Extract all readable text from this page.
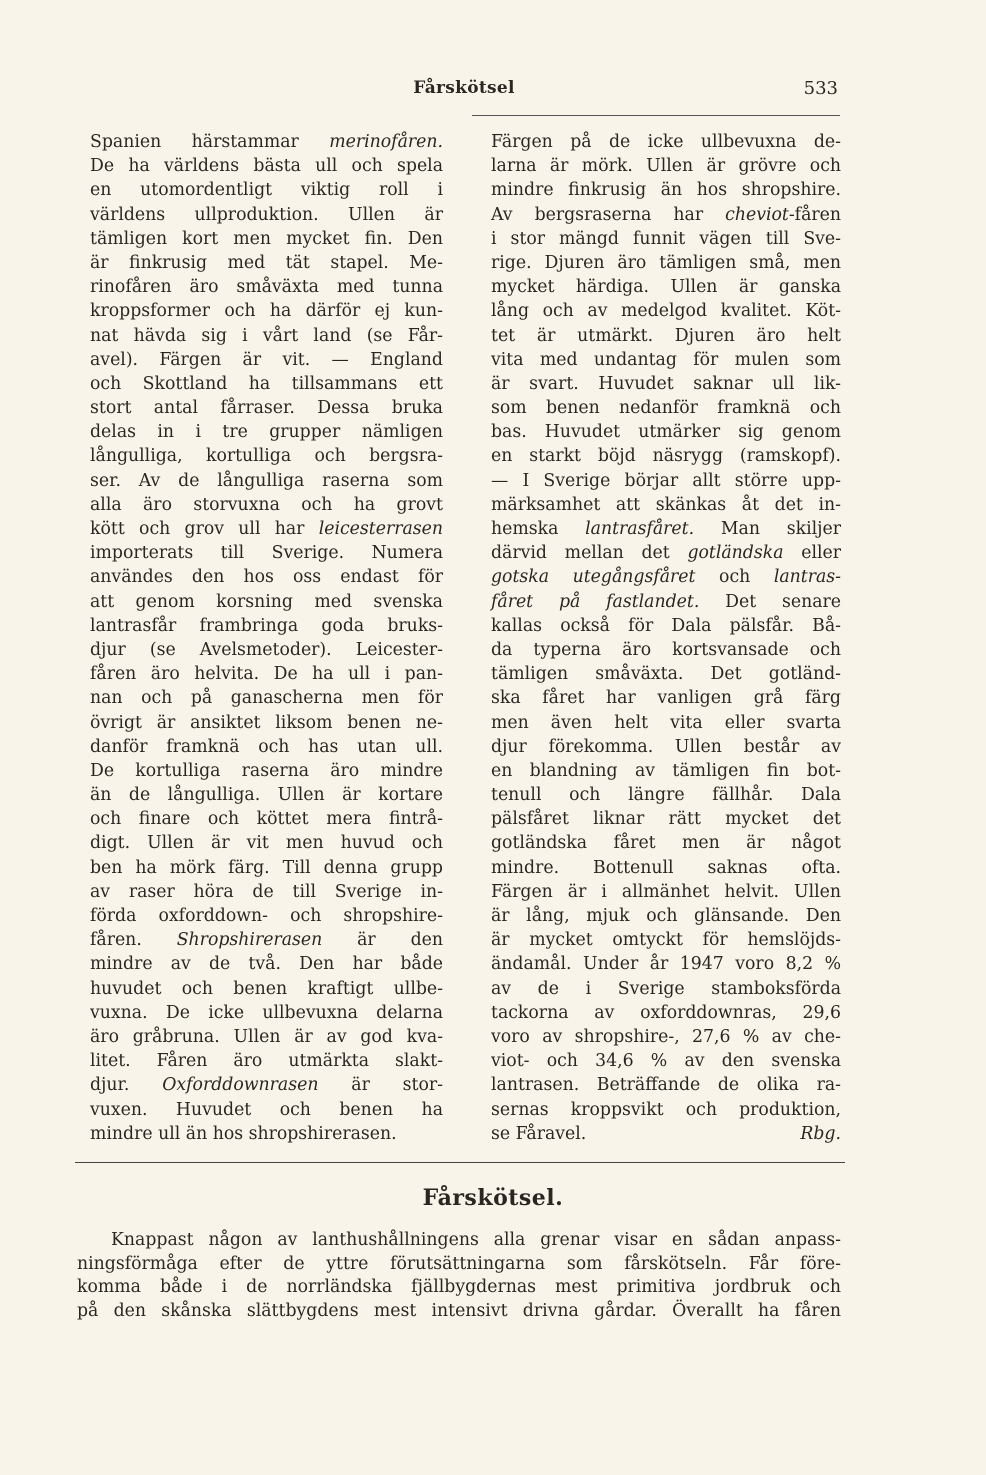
Fårskötsel	533
Spanien härstammar merinofåren.
De ha världens bästa ull och spela
en utomordentligt viktig roll i
världens ullproduktion. Ullen är
tämligen kort men mycket fin. Den
är finkrusig med tät stapel. Me-
rinofåren äro småväxta med tunna
kroppsformer och ha därför ej kun-
nat hävda sig i vårt land (se Får-
avel). Färgen är vit. — England
och Skottland ha tillsammans ett
stort antal fårraser. Dessa bruka
delas in i tre grupper nämligen
långulliga, kortulliga och bergsra-
ser. Av de långulliga raserna som
alla äro storvuxna och ha grovt
kött och grov ull har leicesterrasen
importerats till Sverige. Numera
användes den hos oss endast för
att genom korsning med svenska
lantrasfår frambringa goda bruks-
djur (se Avelsmetoder). Leicester-
fåren äro helvita. De ha ull i pan-
nan och på ganascherna men för
övrigt är ansiktet liksom benen ne-
danför framknä och has utan ull.
De kortulliga raserna äro mindre
än de långulliga. Ullen är kortare
och finare och köttet mera fintrå-
digt. Ullen är vit men huvud och
ben ha mörk färg. Till denna grupp
av raser höra de till Sverige in-
förda oxforddown- och shropshire-
fåren. Shropshirerasen är den
mindre av de två. Den har både
huvudet och benen kraftigt ullbe-
vuxna. De icke ullbevuxna delarna
äro gråbruna. Ullen är av god kva-
litet. Fåren äro utmärkta slakt-
djur. Oxforddownrasen är stor-
vuxen. Huvudet och benen ha
mindre ull än hos shropshirerasen.
Färgen på de icke ullbevuxna de-
larna är mörk. Ullen är grövre och
mindre finkrusig än hos shropshire.
Av bergsraserna har cheviot-fåren
i stor mängd funnit vägen till Sve-
rige. Djuren äro tämligen små, men
mycket härdiga. Ullen är ganska
lång och av medelgod kvalitet. Köt-
tet är utmärkt. Djuren äro helt
vita med undantag för mulen som
är svart. Huvudet saknar ull lik-
som benen nedanför framknä och
bas. Huvudet utmärker sig genom
en starkt böjd näsrygg (ramskopf).
— I Sverige börjar allt större upp-
märksamhet att skänkas åt det in-
hemska lantrasfåret. Man skiljer
därvid mellan det gotländska eller
gotska utegångsfåret och lantras-
fåret på fastlandet. Det senare
kallas också för Dala pälsfår. Bå-
da typerna äro kortsvansade och
tämligen småväxta. Det gotländ-
ska fåret har vanligen grå färg
men även helt vita eller svarta
djur förekomma. Ullen består av
en blandning av tämligen fin bot-
tenull och längre fällhår. Dala
pälsfåret liknar rätt mycket det
gotländska fåret men är något
mindre. Bottenull saknas ofta.
Färgen är i allmänhet helvit. Ullen
är lång, mjuk och glänsande. Den
är mycket omtyckt för hemslöjds-
ändamål. Under år 1947 voro 8,2 %
av de i Sverige stamboksförda
tackorna av oxforddownras, 29,6
voro av shropshire-, 27,6 % av che-
viot- och 34,6 % av den svenska
lantrasen. Beträffande de olika ra-
sernas kroppsvikt och produktion,
se Fåravel.	Rbg.
Fårskötsel.
Knappast någon av lanthushållningens alla grenar visar en sådan anpass-
ningsförmåga efter de yttre förutsättningarna som fårskötseln. Får före-
komma både i de norrländska fjällbygdernas mest primitiva jordbruk och
på den skånska slättbygdens mest intensivt drivna gårdar. Överallt ha fåren
